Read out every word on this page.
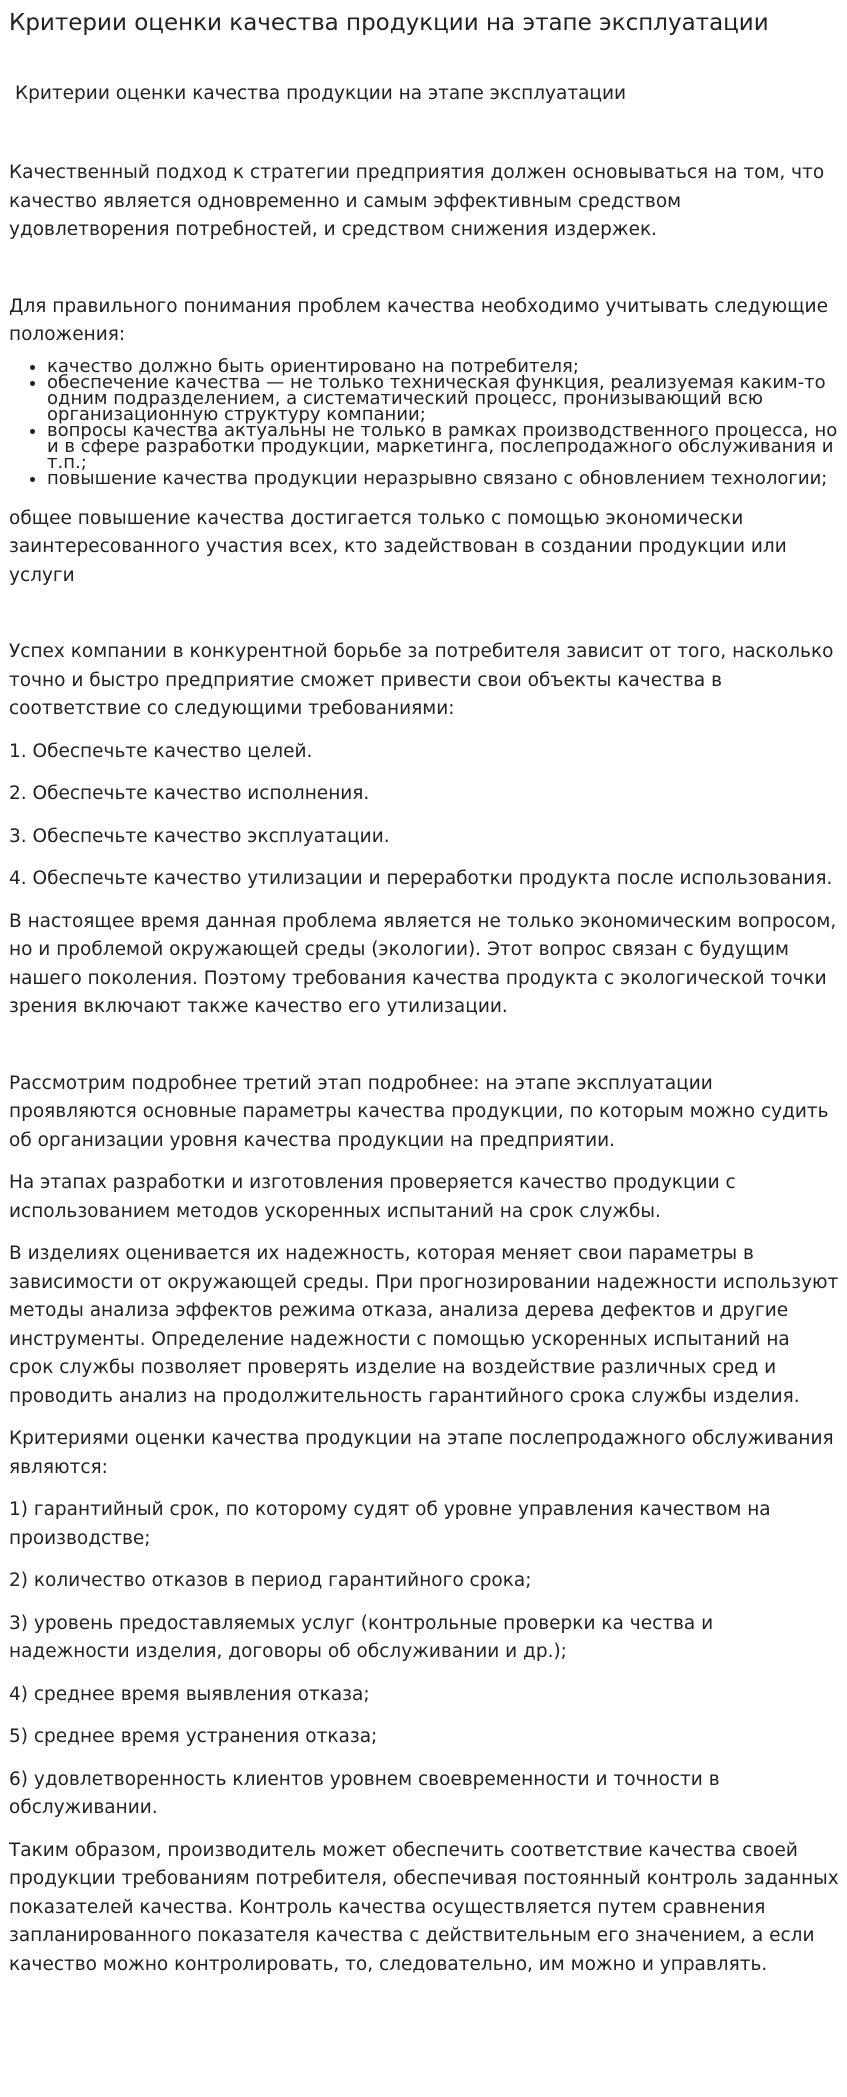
Критерии оценки качества продукции на этапе эксплуатации
Критерии оценки качества продукции на этапе эксплуатации

Качественный подход к стратегии предприятия должен основываться на том, что качество является одновременно и самым эффективным средством удовлетворения потребностей, и средством снижения издержек.

Для правильного понимания проблем качества необходимо учитывать следующие положения:

• качество должно быть ориентировано на потребителя;
• обеспечение качества — не только техническая функция, реализуемая каким-то одним подразделением, а систематический процесс, пронизывающий всю организационную структуру компании;
• вопросы качества актуальны не только в рамках производственного процесса, но и в сфере разработки продукции, маркетинга, послепродажного обслуживания и т.п.;
• повышение качества продукции неразрывно связано с обновлением технологии;

общее повышение качества достигается только с помощью экономически заинтересованного участия всех, кто задействован в создании продукции или услуги

Успех компании в конкурентной борьбе за потребителя зависит от того, насколько точно и быстро предприятие сможет привести свои объекты качества в соответствие со следующими требованиями:

1. Обеспечьте качество целей.

2. Обеспечьте качество исполнения.

3. Обеспечьте качество эксплуатации.

4. Обеспечьте качество утилизации и переработки продукта после использования.

В настоящее время данная проблема является не только экономическим вопросом, но и проблемой окружающей среды (экологии). Этот вопрос связан с будущим нашего поколения. Поэтому требования качества продукта с экологической точки зрения включают также качество его утилизации.

Рассмотрим подробнее третий этап подробнее: на этапе эксплуатации проявляются основные параметры качества продукции, по которым можно судить об организации уровня качества продукции на предприятии.

На этапах разработки и изготовления проверяется качество продукции с использованием методов ускоренных испытаний на срок службы.

В изделиях оценивается их надежность, которая меняет свои параметры в зависимости от окружающей среды. При прогнозировании надежности используют методы анализа эффектов режима отказа, анализа дерева дефектов и другие инструменты. Определение надежности с помощью ускоренных испытаний на срок службы позволяет проверять изделие на воздействие различных сред и проводить анализ на продолжительность гарантийного срока службы изделия.

Критериями оценки качества продукции на этапе послепродажного обслуживания являются:

1) гарантийный срок, по которому судят об уровне управления качеством на производстве;

2) количество отказов в период гарантийного срока;

3) уровень предоставляемых услуг (контрольные проверки ка чества и надежности изделия, договоры об обслуживании и др.);

4) среднее время выявления отказа;

5) среднее время устранения отказа;

6) удовлетворенность клиентов уровнем своевременности и точности в обслуживании.

Таким образом, производитель может обеспечить соответствие качества своей продукции требованиям потребителя, обеспечивая постоянный контроль заданных показателей качества. Контроль качества осуществляется путем сравнения запланированного показателя качества с действительным его значением, а если качество можно контролировать, то, следовательно, им можно и управлять.
